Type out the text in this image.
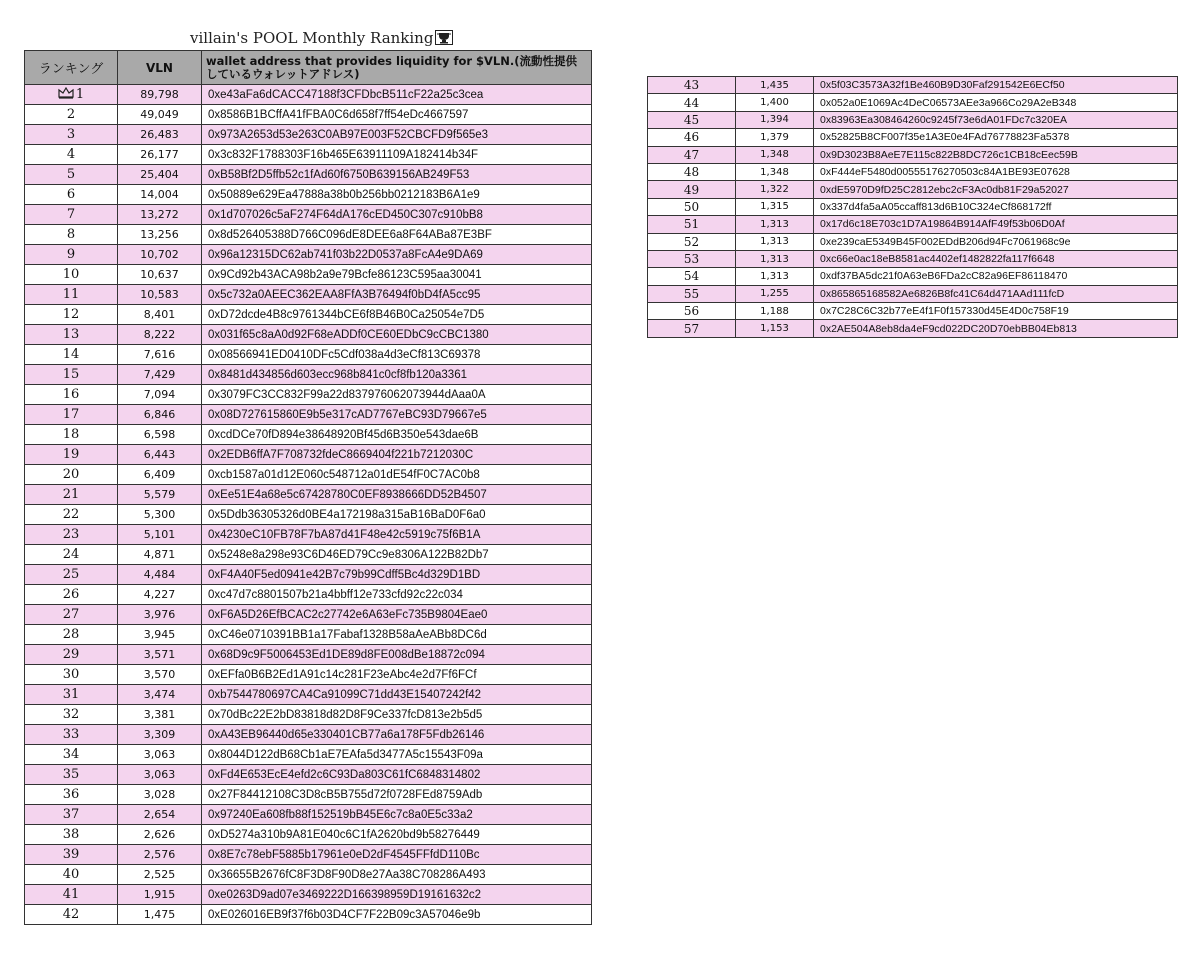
villain's POOL Monthly Ranking
ランキング	VLN	wallet address that provides liquidity for $VLN.(流動性提供しているウォレットアドレス)
1	89,798	0xe43aFa6dCACC47188f3CFDbcB511cF22a25c3cea
2	49,049	0x8586B1BCffA41fFBA0C6d658f7ff54eDc4667597
3	26,483	0x973A2653d53e263C0AB97E003F52CBCFD9f565e3
4	26,177	0x3c832F1788303F16b465E63911109A182414b34F
5	25,404	0xB58Bf2D5ffb52c1fAd60f6750B639156AB249F53
6	14,004	0x50889e629Ea47888a38b0b256bb0212183B6A1e9
7	13,272	0x1d707026c5aF274F64dA176cED450C307c910bB8
8	13,256	0x8d526405388D766C096dE8DEE6a8F64ABa87E3BF
9	10,702	0x96a12315DC62ab741f03b22D0537a8FcA4e9DA69
10	10,637	0x9Cd92b43ACA98b2a9e79Bcfe86123C595aa30041
11	10,583	0x5c732a0AEEC362EAA8FfA3B76494f0bD4fA5cc95
12	8,401	0xD72dcde4B8c9761344bCE6f8B46B0Ca25054e7D5
13	8,222	0x031f65c8aA0d92F68eADDf0CE60EDbC9cCBC1380
14	7,616	0x08566941ED0410DFc5Cdf038a4d3eCf813C69378
15	7,429	0x8481d434856d603ecc968b841c0cf8fb120a3361
16	7,094	0x3079FC3CC832F99a22d837976062073944dAaa0A
17	6,846	0x08D727615860E9b5e317cAD7767eBC93D79667e5
18	6,598	0xcdDCe70fD894e38648920Bf45d6B350e543dae6B
19	6,443	0x2EDB6ffA7F708732fdeC8669404f221b7212030C
20	6,409	0xcb1587a01d12E060c548712a01dE54fF0C7AC0b8
21	5,579	0xEe51E4a68e5c67428780C0EF8938666DD52B4507
22	5,300	0x5Ddb36305326d0BE4a172198a315aB16BaD0F6a0
23	5,101	0x4230eC10FB78F7bA87d41F48e42c5919c75f6B1A
24	4,871	0x5248e8a298e93C6D46ED79Cc9e8306A122B82Db7
25	4,484	0xF4A40F5ed0941e42B7c79b99Cdff5Bc4d329D1BD
26	4,227	0xc47d7c8801507b21a4bbff12e733cfd92c22c034
27	3,976	0xF6A5D26EfBCAC2c27742e6A63eFc735B9804Eae0
28	3,945	0xC46e0710391BB1a17Fabaf1328B58aAeABb8DC6d
29	3,571	0x68D9c9F5006453Ed1DE89d8FE008dBe18872c094
30	3,570	0xEFfa0B6B2Ed1A91c14c281F23eAbc4e2d7Ff6FCf
31	3,474	0xb7544780697CA4Ca91099C71dd43E15407242f42
32	3,381	0x70dBc22E2bD83818d82D8F9Ce337fcD813e2b5d5
33	3,309	0xA43EB96440d65e330401CB77a6a178F5Fdb26146
34	3,063	0x8044D122dB68Cb1aE7EAfa5d3477A5c15543F09a
35	3,063	0xFd4E653EcE4efd2c6C93Da803C61fC6848314802
36	3,028	0x27F84412108C3D8cB5B755d72f0728FEd8759Adb
37	2,654	0x97240Ea608fb88f152519bB45E6c7c8a0E5c33a2
38	2,626	0xD5274a310b9A81E040c6C1fA2620bd9b58276449
39	2,576	0x8E7c78ebF5885b17961e0eD2dF4545FFfdD110Bc
40	2,525	0x36655B2676fC8F3D8F90D8e27Aa38C708286A493
41	1,915	0xe0263D9ad07e3469222D166398959D19161632c2
42	1,475	0xE026016EB9f37f6b03D4CF7F22B09c3A57046e9b
43	1,435	0x5f03C3573A32f1Be460B9D30Faf291542E6ECf50
44	1,400	0x052a0E1069Ac4DeC06573AEe3a966Co29A2eB348
45	1,394	0x83963Ea308464260c9245f73e6dA01FDc7c320EA
46	1,379	0x52825B8CF007f35e1A3E0e4FAd76778823Fa5378
47	1,348	0x9D3023B8AeE7E115c822B8DC726c1CB18cEec59B
48	1,348	0xF444eF5480d00555176270503c84A1BE93E07628
49	1,322	0xdE5970D9fD25C2812ebc2cF3Ac0db81F29a52027
50	1,315	0x337d4fa5aA05ccaff813d6B10C324eCf868172ff
51	1,313	0x17d6c18E703c1D7A19864B914AfF49f53b06D0Af
52	1,313	0xe239caE5349B45F002EDdB206d94Fc7061968c9e
53	1,313	0xc66e0ac18eB8581ac4402ef1482822fa117f6648
54	1,313	0xdf37BA5dc21f0A63eB6FDa2cC82a96EF86118470
55	1,255	0x865865168582Ae6826B8fc41C64d471AAd111fcD
56	1,188	0x7C28C6C32b77eE4f1F0f157330d45E4D0c758F19
57	1,153	0x2AE504A8eb8da4eF9cd022DC20D70ebBB04Eb813
